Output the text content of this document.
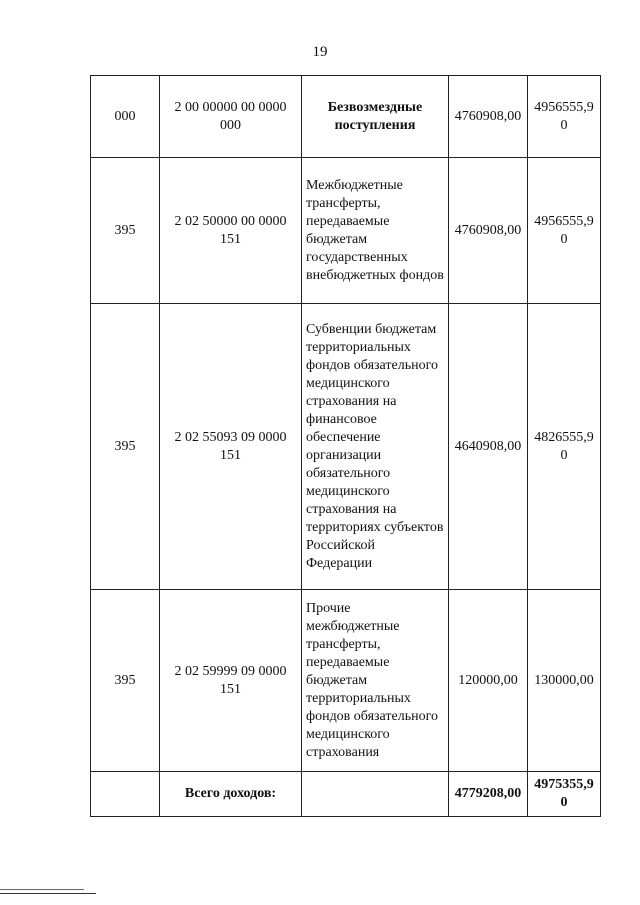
19
000	2 00 00000 00 0000 000	Безвозмездные поступления	4760908,00	4956555,90
395	2 02 50000 00 0000 151	Межбюджетные трансферты, передаваемые бюджетам государственных внебюджетных фондов	4760908,00	4956555,90
395	2 02 55093 09 0000 151	Субвенции бюджетам территориальных фондов обязательного медицинского страхования на финансовое обеспечение организации обязательного медицинского страхования на территориях субъектов Российской Федерации	4640908,00	4826555,90
395	2 02 59999 09 0000 151	Прочие межбюджетные трансферты, передаваемые бюджетам территориальных фондов обязательного медицинского страхования	120000,00	130000,00
	Всего доходов:		4779208,00	4975355,90
